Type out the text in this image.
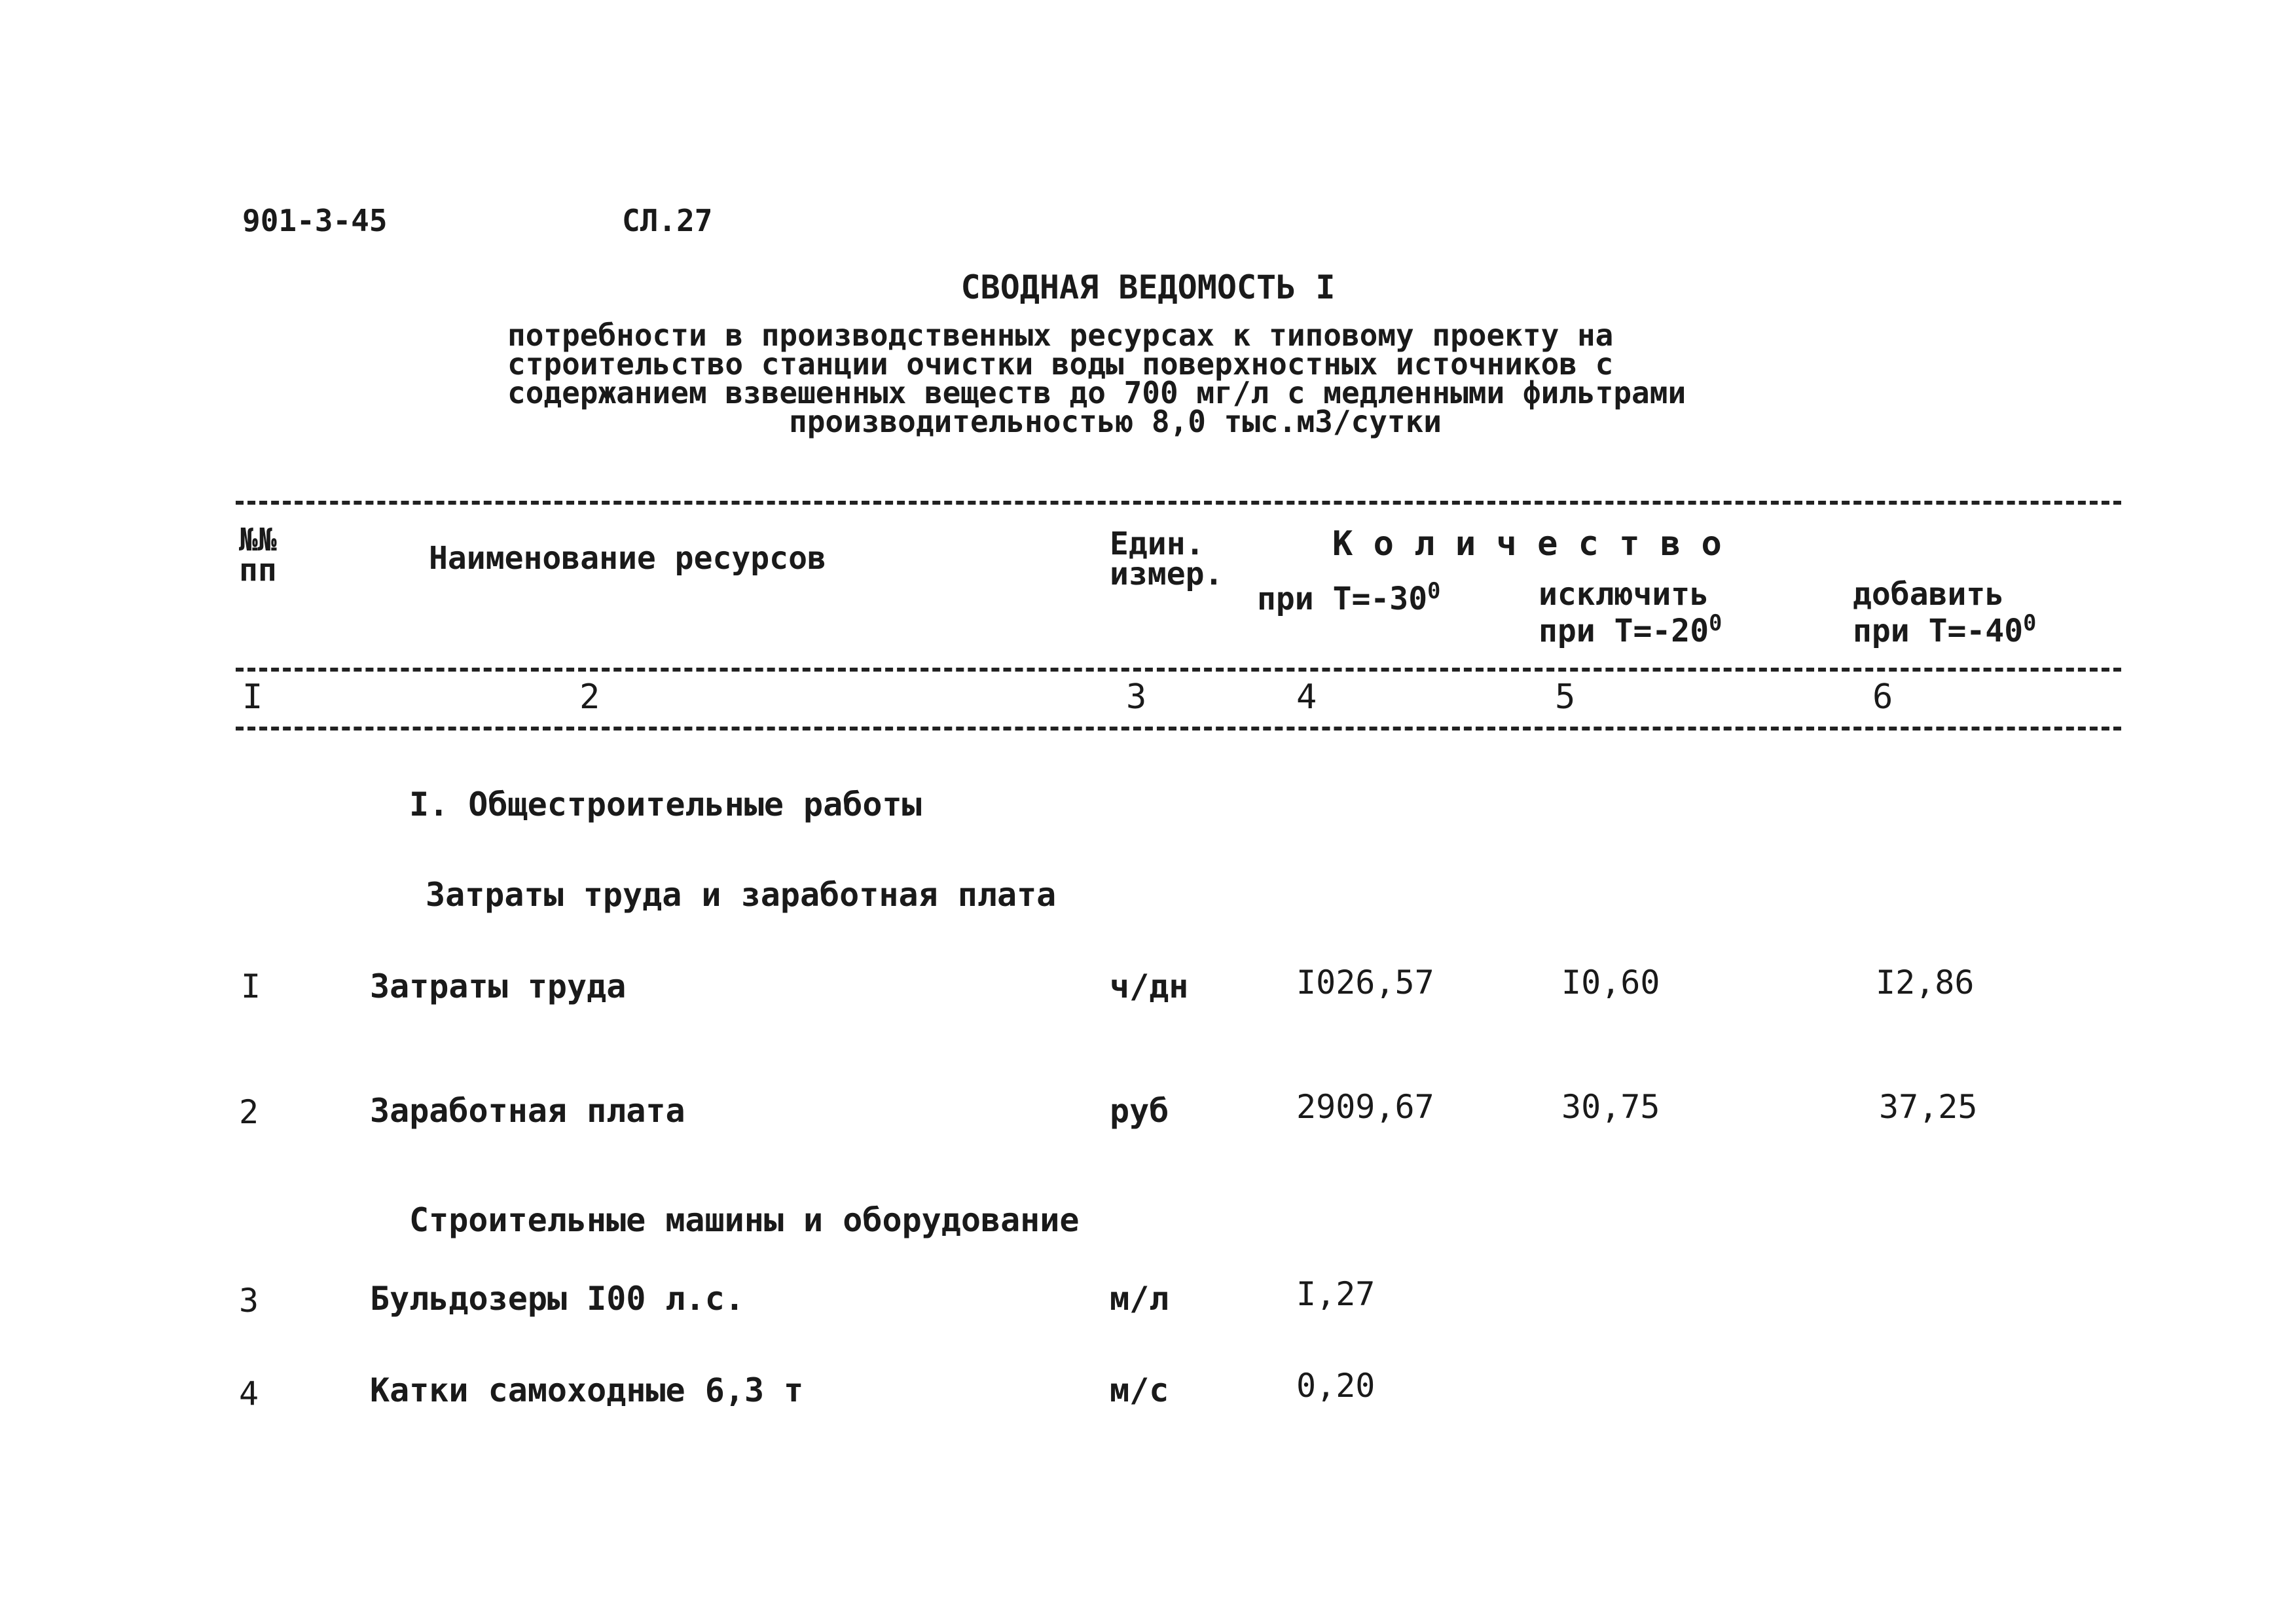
901-3-45	СЛ.27
СВОДНАЯ ВЕДОМОСТЬ I
потребности в производственных ресурсах к типовому проекту на
строительство станции очистки воды поверхностных источников с
содержанием взвешенных веществ до 700 мг/л с медленными фильтрами
производительностью 8,0 тыс.м3/сутки
№№
пп	Наименование ресурсов	Един.
измер.
К о л и ч е с т в о
при $Т=-30^0$	исключить
при $Т=-20^0$
добавить
при $Т=-40^0$
I	2	3	4	5	6
I. Общестроительные работы
Затраты труда и заработная плата
I	Затраты труда	ч/дн	I026,57	I0,60	I2,86
2	Заработная плата	руб	2909,67	30,75	37,25
Строительные машины и оборудование
3	Бульдозеры I00 л.с.	м/л	I,27
4	Катки самоходные 6,3 т	м/с	0,20
